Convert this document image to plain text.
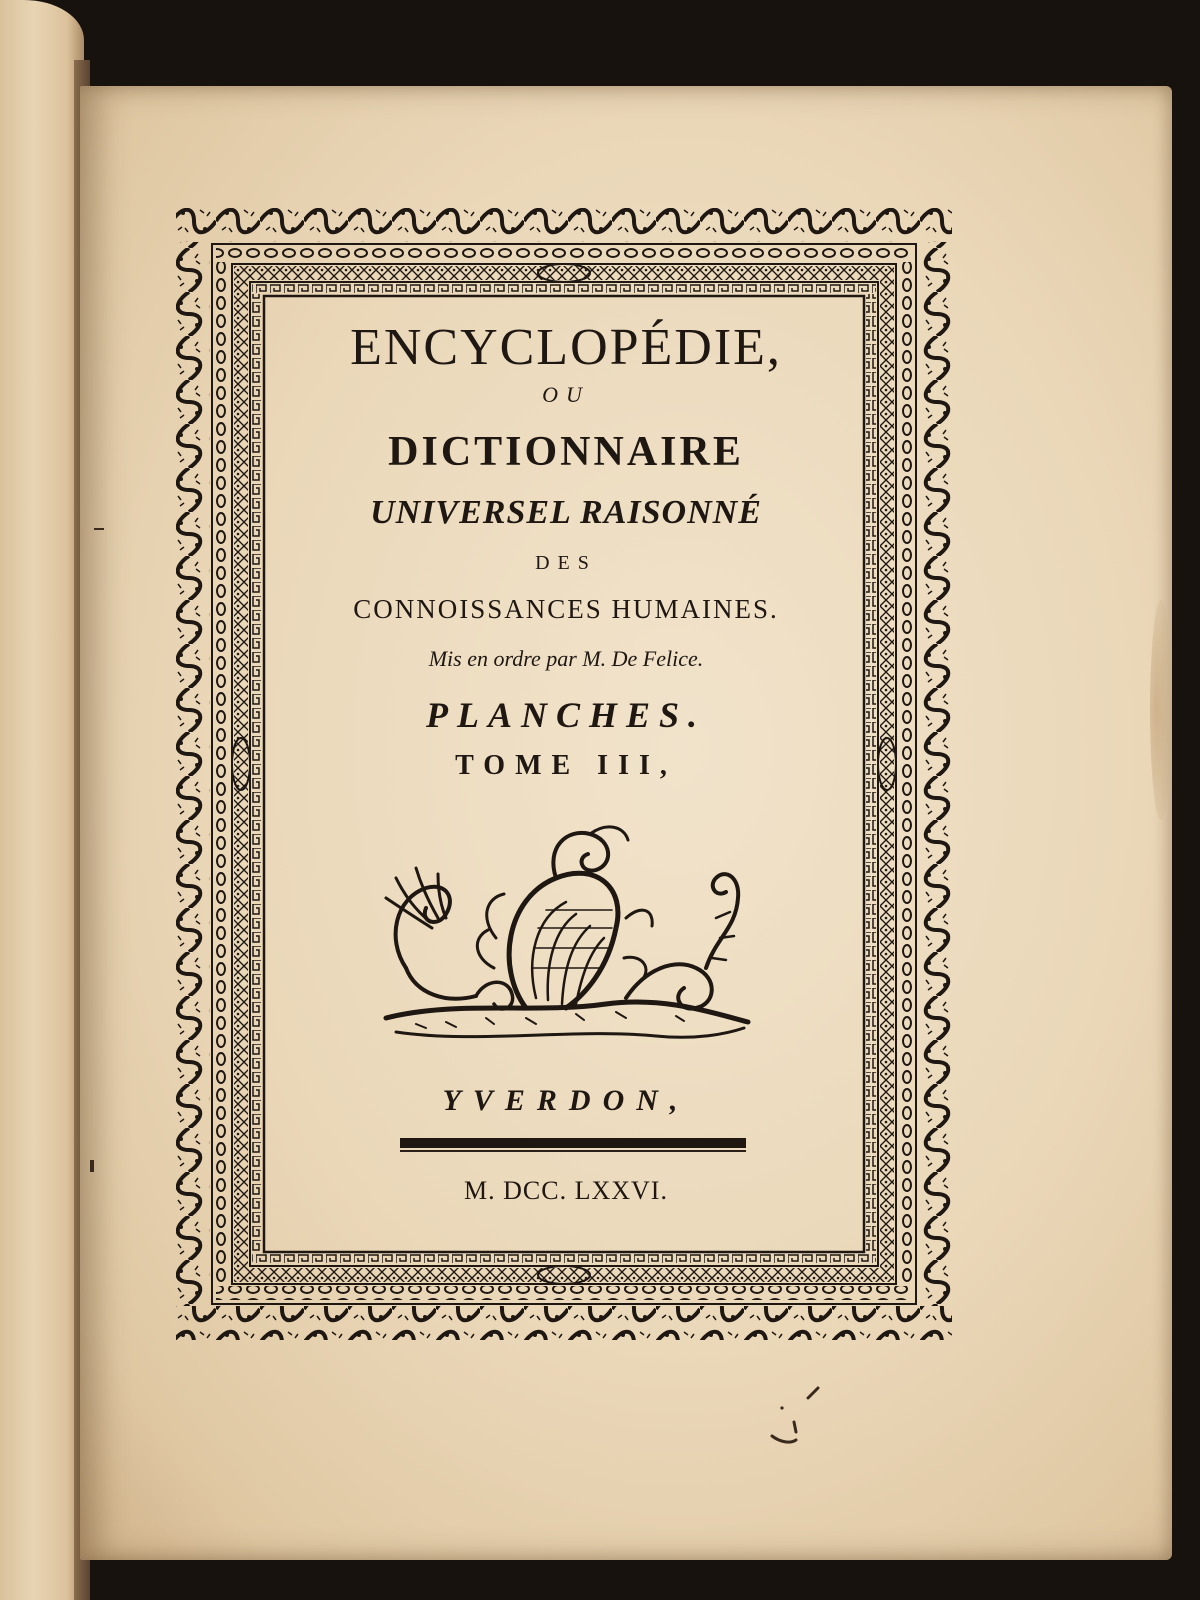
ENCYCLOPÉDIE,
OU
DICTIONNAIRE
UNIVERSEL RAISONNÉ
DES
CONNOISSANCES HUMAINES.
Mis en ordre par M. De Felice.
PLANCHES.
TOME III,
YVERDON,
M. DCC. LXXVI.
